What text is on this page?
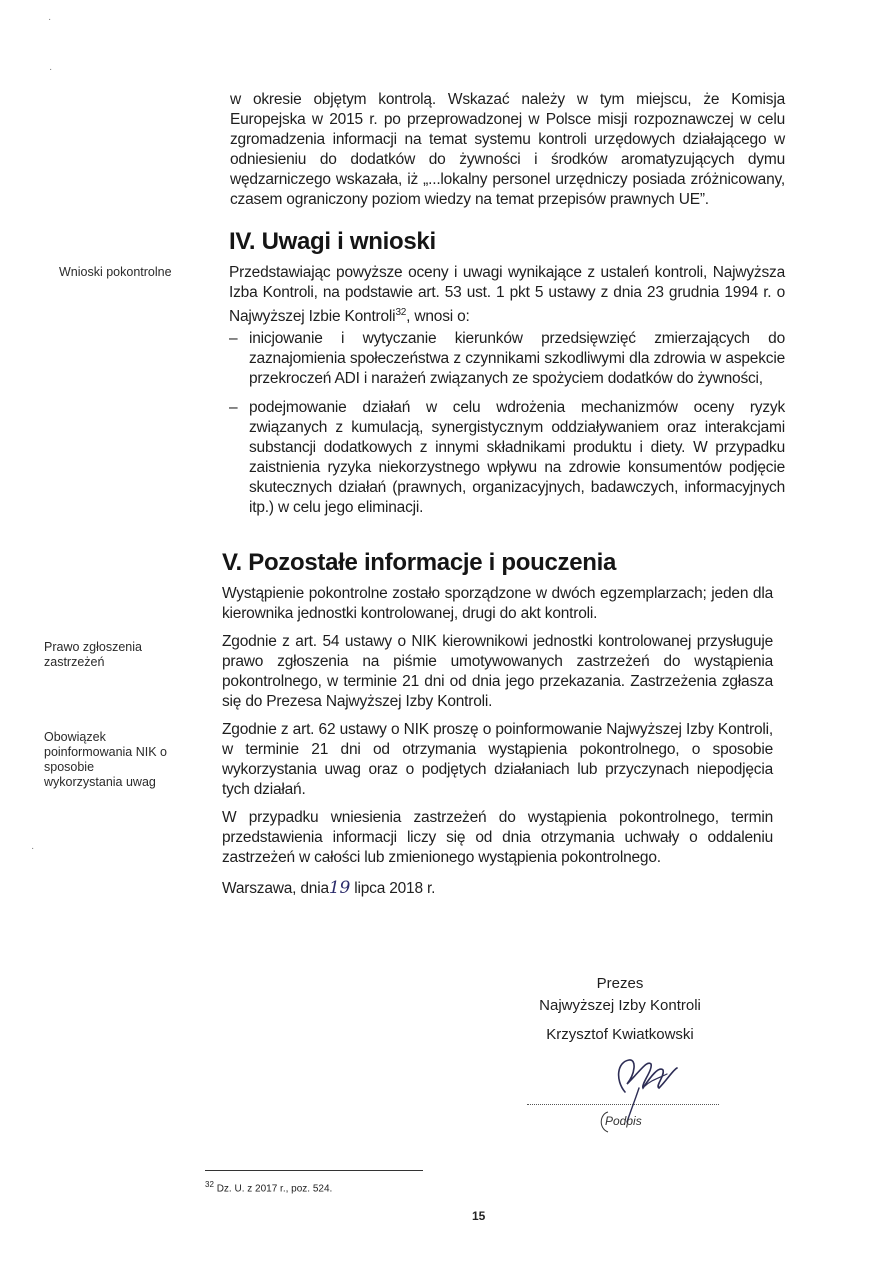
·
·
·

w okresie objętym kontrolą. Wskazać należy w tym miejscu, że Komisja Europejska w 2015 r. po przeprowadzonej w Polsce misji rozpoznawczej w celu zgromadzenia informacji na temat systemu kontroli urzędowych działającego w odniesieniu do dodatków do żywności i środków aromatyzujących dymu wędzarniczego wskazała, iż „...lokalny personel urzędniczy posiada zróżnicowany, czasem ograniczony poziom wiedzy na temat przepisów prawnych UE”.

IV. Uwagi i wnioski

Przedstawiając powyższe oceny i uwagi wynikające z ustaleń kontroli, Najwyższa Izba Kontroli, na podstawie art. 53 ust. 1 pkt 5 ustawy z dnia 23 grudnia 1994 r. o Najwyższej Izbie Kontroli$^{32}$, wnosi o:

– inicjowanie i wytyczanie kierunków przedsięwzięć zmierzających do zaznajomienia społeczeństwa z czynnikami szkodliwymi dla zdrowia w aspekcie przekroczeń ADI i narażeń związanych ze spożyciem dodatków do żywności,

– podejmowanie działań w celu wdrożenia mechanizmów oceny ryzyk związanych z kumulacją, synergistycznym oddziaływaniem oraz interakcjami substancji dodatkowych z innymi składnikami produktu i diety. W przypadku zaistnienia ryzyka niekorzystnego wpływu na zdrowie konsumentów podjęcie skutecznych działań (prawnych, organizacyjnych, badawczych, informacyjnych itp.) w celu jego eliminacji.

Wnioski pokontrolne
V. Pozostałe informacje i pouczenia

Wystąpienie pokontrolne zostało sporządzone w dwóch egzemplarzach; jeden dla kierownika jednostki kontrolowanej, drugi do akt kontroli.

Zgodnie z art. 54 ustawy o NIK kierownikowi jednostki kontrolowanej przysługuje prawo zgłoszenia na piśmie umotywowanych zastrzeżeń do wystąpienia pokontrolnego, w terminie 21 dni od dnia jego przekazania. Zastrzeżenia zgłasza się do Prezesa Najwyższej Izby Kontroli.

Zgodnie z art. 62 ustawy o NIK proszę o poinformowanie Najwyższej Izby Kontroli, w terminie 21 dni od otrzymania wystąpienia pokontrolnego, o sposobie wykorzystania uwag oraz o podjętych działaniach lub przyczynach niepodjęcia tych działań.

W przypadku wniesienia zastrzeżeń do wystąpienia pokontrolnego, termin przedstawienia informacji liczy się od dnia otrzymania uchwały o oddaleniu zastrzeżeń w całości lub zmienionego wystąpienia pokontrolnego.

Warszawa, dnia19 lipca 2018 r.

Prawo zgłoszenia zastrzeżeń
Obowiązek poinformowania NIK o sposobie wykorzystania uwag
Prezes
Najwyższej Izby Kontroli
Krzysztof Kwiatkowski
Podpis
$^{32}$ Dz. U. z 2017 r., poz. 524.
15
